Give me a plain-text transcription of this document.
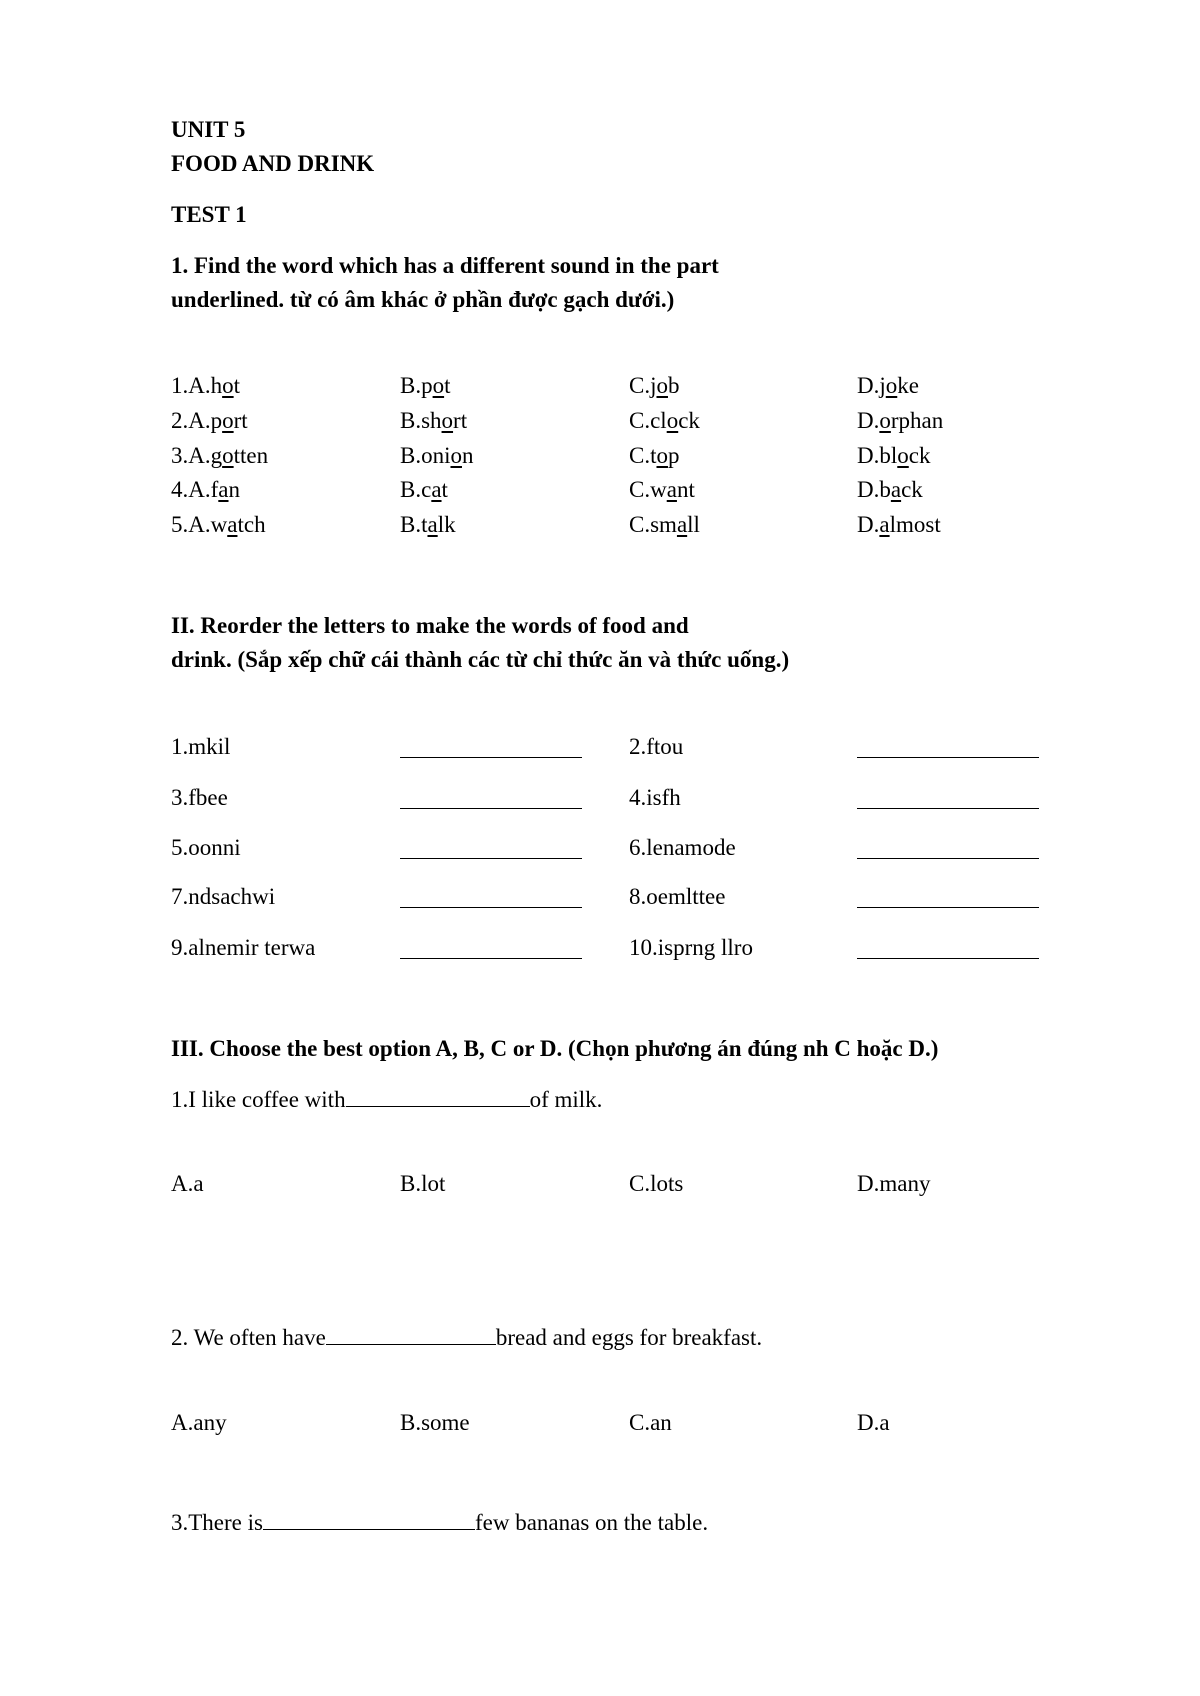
UNIT 5
FOOD AND DRINK
TEST 1
1. Find the word which has a different sound in the part
underlined. từ có âm khác ở phần được gạch dưới.)
1.A.hot	B.pot	C.job	D.joke
2.A.port	B.short	C.clock	D.orphan
3.A.gotten	B.onion	C.top	D.block
4.A.fan	B.cat	C.want	D.back
5.A.watch	B.talk	C.small	D.almost
II. Reorder the letters to make the words of food and
drink. (Sắp xếp chữ cái thành các từ chỉ thức ăn và thức uống.)
1.mkil	2.ftou
3.fbee	4.isfh
5.oonni	6.lenamode
7.ndsachwi	8.oemlttee
9.alnemir terwa	10.isprng llro
III. Choose the best option A, B, C or D. (Chọn phương án đúng nh C hoặc D.)
1.I like coffee with	of milk.
A.a	B.lot	C.lots	D.many
2. We often have	bread and eggs for breakfast.
A.any	B.some	C.an	D.a
3.There is	few bananas on the table.
